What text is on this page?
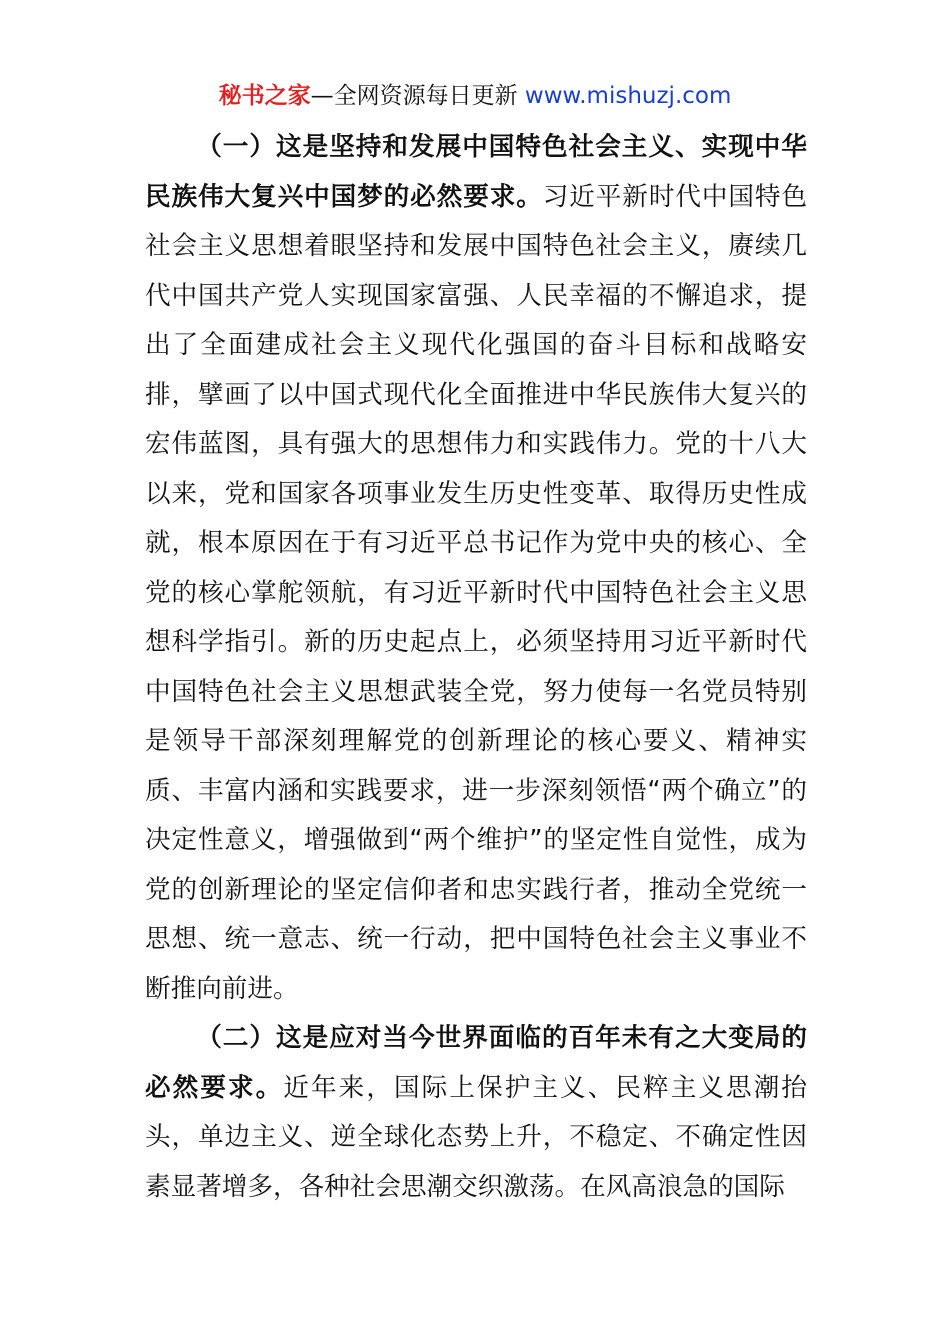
秘书之家—全网资源每日更新 www.mishuzj.com

（一）这是坚持和发展中国特色社会主义、实现中华民族伟大复兴中国梦的必然要求。习近平新时代中国特色社会主义思想着眼坚持和发展中国特色社会主义，赓续几代中国共产党人实现国家富强、人民幸福的不懈追求，提出了全面建成社会主义现代化强国的奋斗目标和战略安排，擘画了以中国式现代化全面推进中华民族伟大复兴的宏伟蓝图，具有强大的思想伟力和实践伟力。党的十八大以来，党和国家各项事业发生历史性变革、取得历史性成就，根本原因在于有习近平总书记作为党中央的核心、全党的核心掌舵领航，有习近平新时代中国特色社会主义思想科学指引。新的历史起点上，必须坚持用习近平新时代中国特色社会主义思想武装全党，努力使每一名党员特别是领导干部深刻理解党的创新理论的核心要义、精神实质、丰富内涵和实践要求，进一步深刻领悟“两个确立”的决定性意义，增强做到“两个维护”的坚定性自觉性，成为党的创新理论的坚定信仰者和忠实践行者，推动全党统一思想、统一意志、统一行动，把中国特色社会主义事业不断推向前进。

（二）这是应对当今世界面临的百年未有之大变局的必然要求。近年来，国际上保护主义、民粹主义思潮抬头，单边主义、逆全球化态势上升，不稳定、不确定性因素显著增多，各种社会思潮交织激荡。在风高浪急的国际
